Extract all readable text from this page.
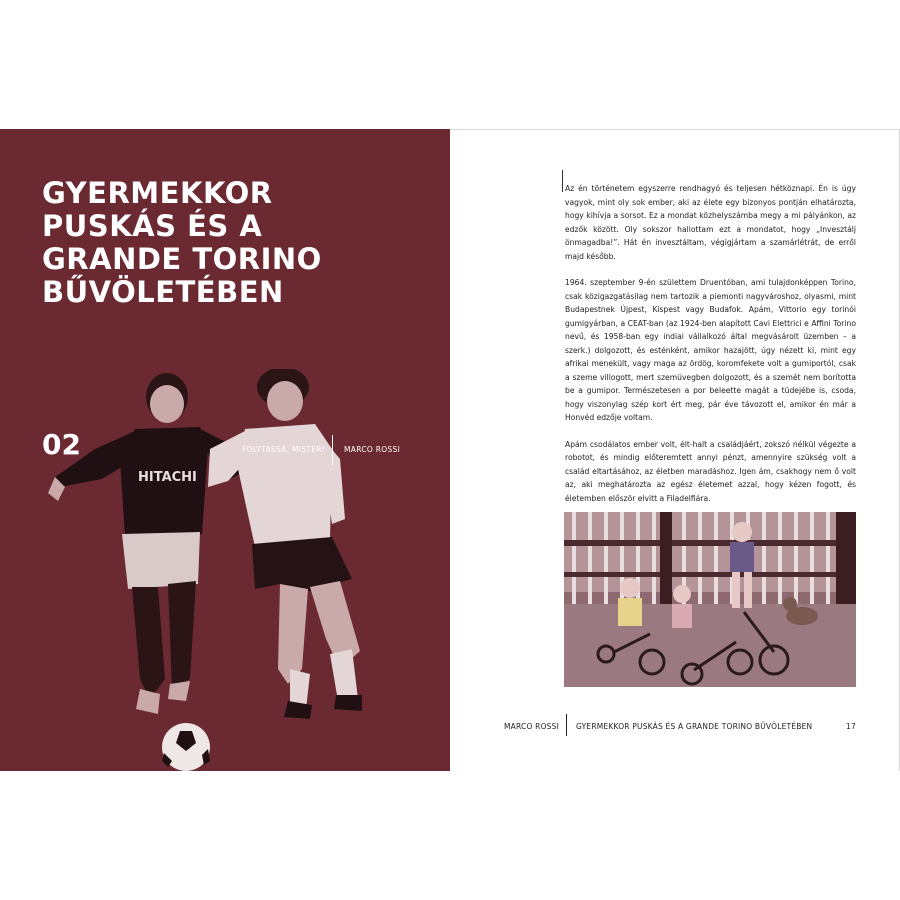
GYERMEKKOR
PUSKÁS ÉS A
GRANDE TORINO
BŰVÖLETÉBEN
HITACHI
02	FOLYTASSA, MISTER!	MARCO ROSSI

Az én történetem egyszerre rendhagyó és teljesen hétköznapi. Én is úgy vagyok, mint oly sok ember, aki az élete egy bizonyos pontján elhatározta, hogy kihívja a sorsot. Ez a mondat közhelyszámba megy a mi pályánkon, az edzők között. Oly sokszor hallottam ezt a mondatot, hogy „Invesztálj önmagadba!”. Hát én invesztáltam, végigjártam a szamárlétrát, de erről majd később.

1964. szeptember 9-én születtem Druentóban, ami tulajdonképpen Torino, csak közigazgatásilag nem tartozik a piemonti nagyvároshoz, olyasmi, mint Budapestnek Újpest, Kispest vagy Budafok. Apám, Vittorio egy torinói gumigyárban, a CEAT-ban (az 1924-ben alapított Cavi Elettrici e Affini Torino nevű, és 1958-ban egy indiai vállalkozó által megvásárolt üzemben – a szerk.) dolgozott, és esténként, amikor hazajött, úgy nézett ki, mint egy afrikai menekült, vagy maga az ördög, koromfekete volt a gumiportól, csak a szeme villogott, mert szemüvegben dolgozott, és a szemét nem borította be a gumipor. Természetesen a por beleette magát a tüdejébe is, csoda, hogy viszonylag szép kort ért meg, pár éve távozott el, amikor én már a Honvéd edzője voltam.

Apám csodálatos ember volt, élt-halt a családjáért, zokszó nélkül végezte a robotot, és mindig előteremtett annyi pénzt, amennyire szükség volt a család eltartásához, az életben maradáshoz. Igen ám, csakhogy nem ő volt az, aki meghatározta az egész életemet azzal, hogy kézen fogott, és életemben először elvitt a Filadelfiára.

MARCO ROSSI GYERMEKKOR PUSKÁS ÉS A GRANDE TORINO BŰVÖLETÉBEN	17
